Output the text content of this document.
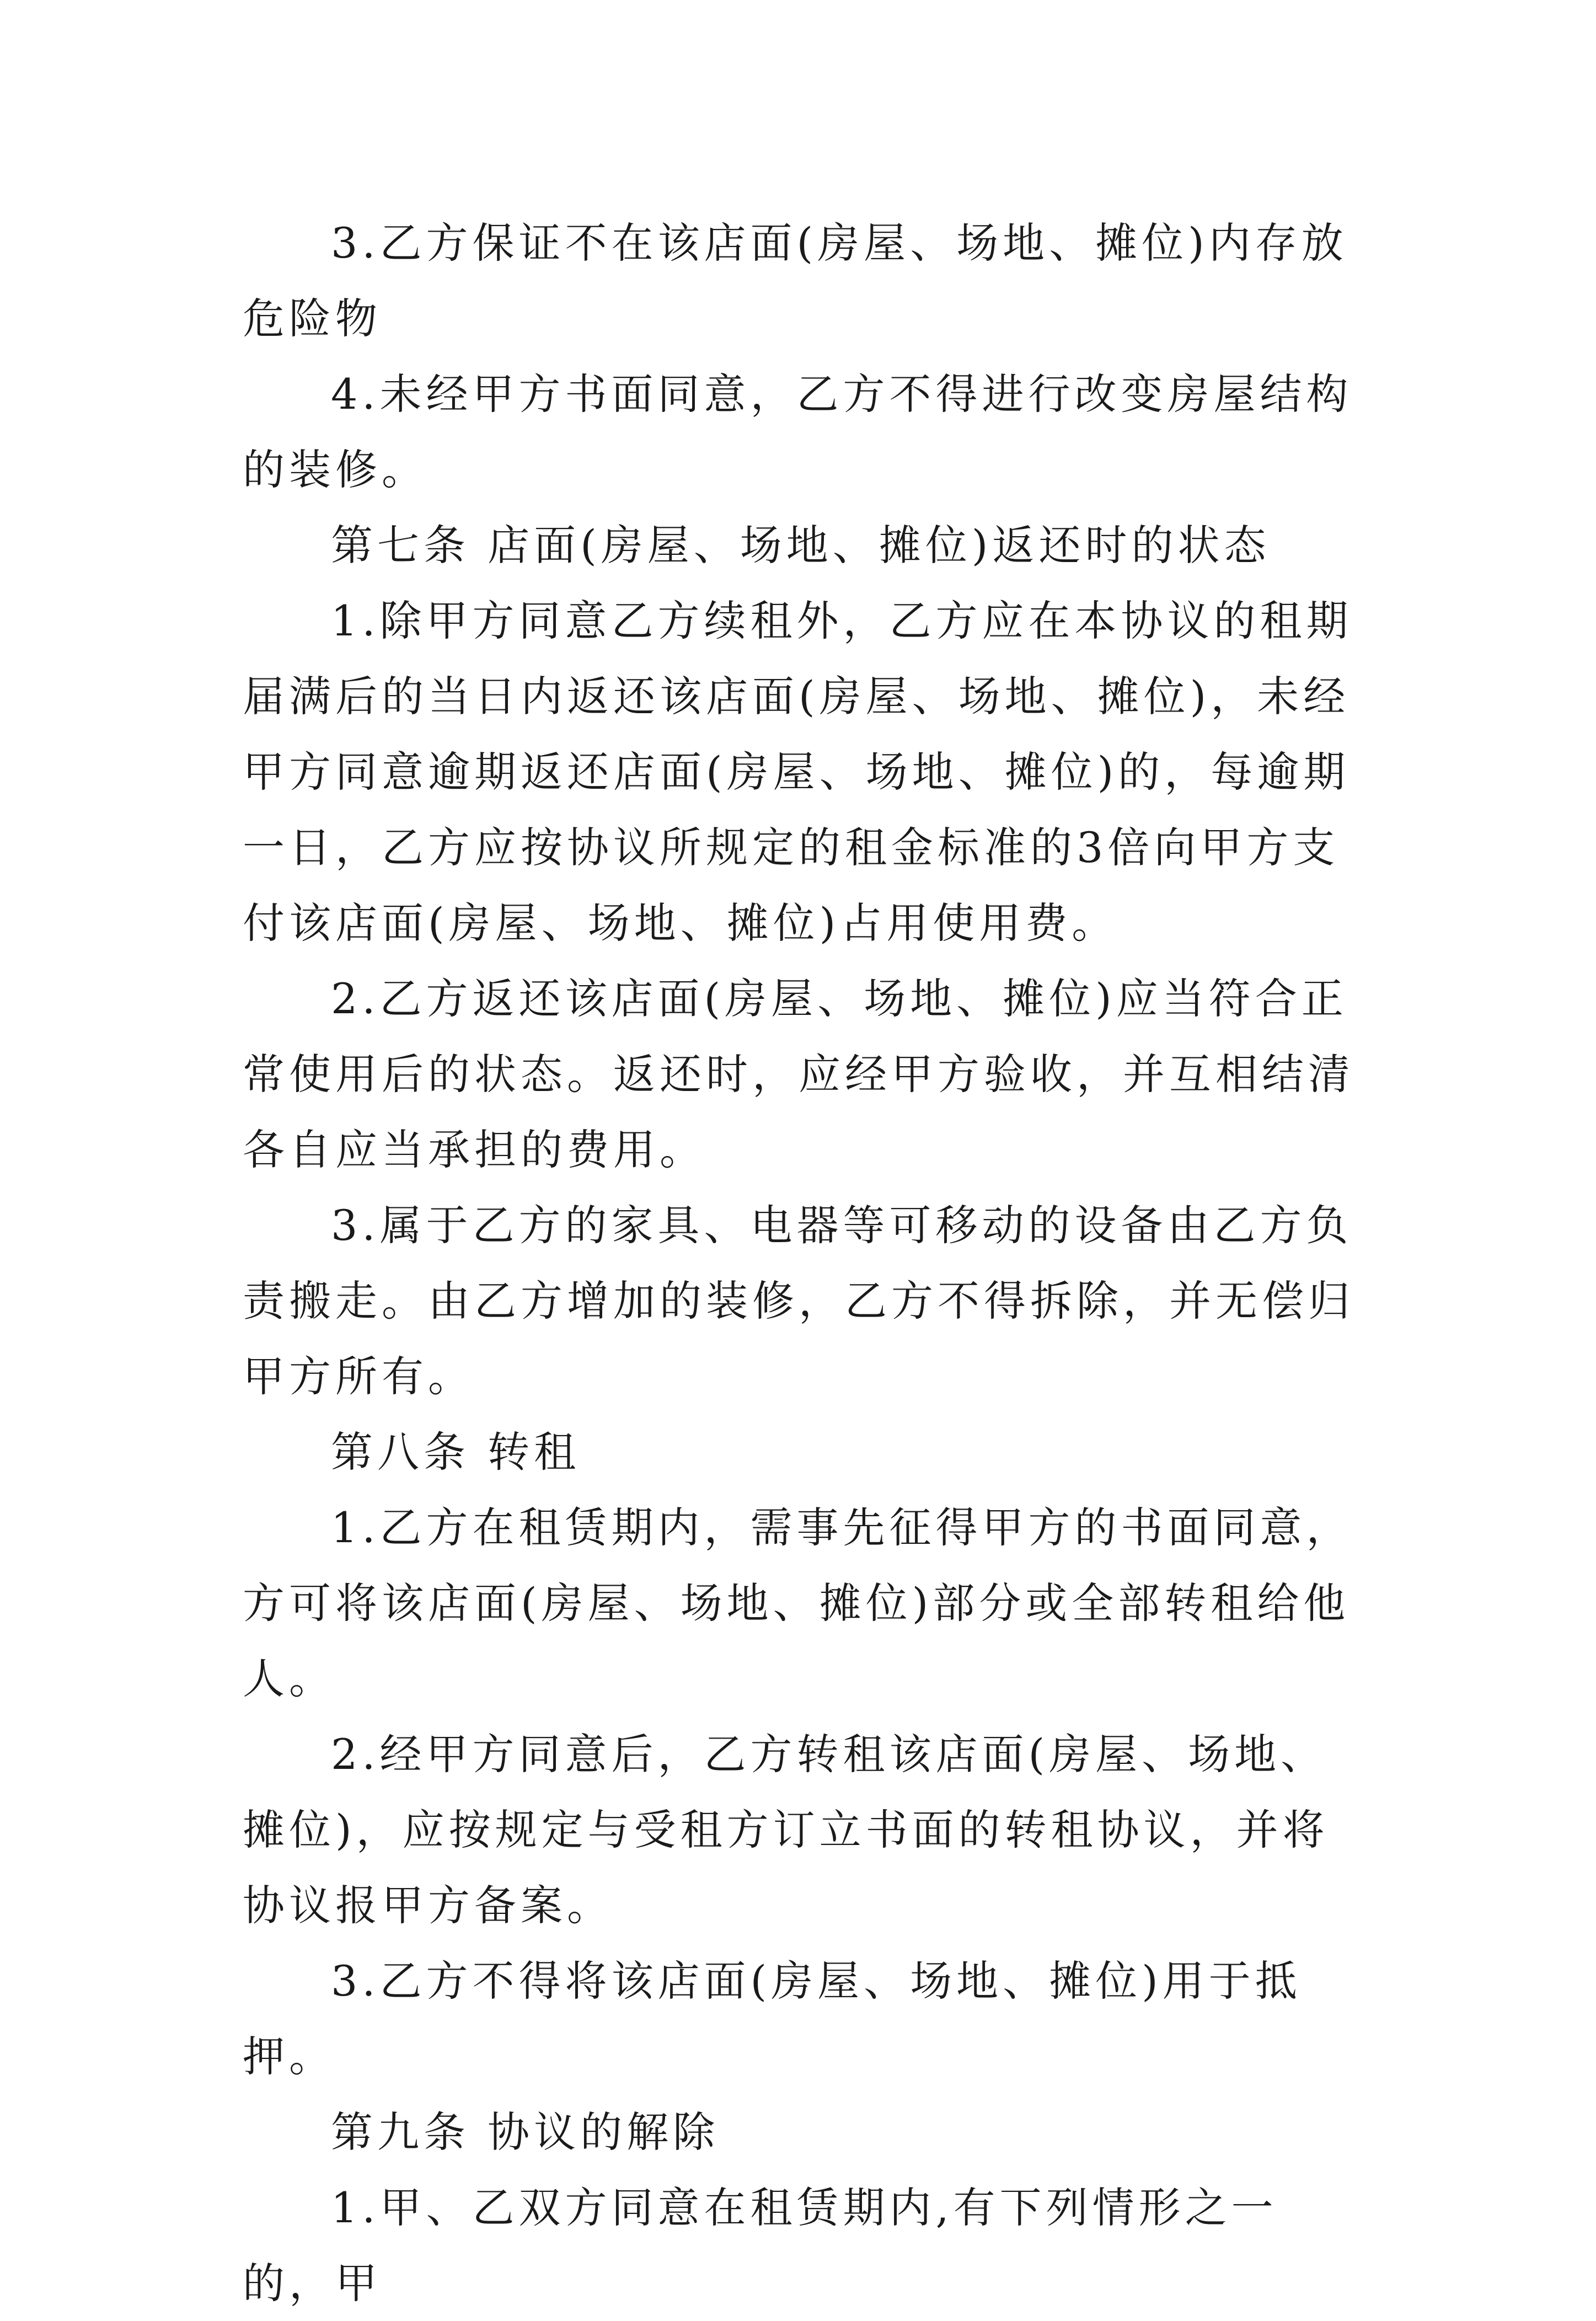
3.乙方保证不在该店面(房屋、场地、摊位)内存放危险物

4.未经甲方书面同意，乙方不得进行改变房屋结构的装修。

第七条 店面(房屋、场地、摊位)返还时的状态

1.除甲方同意乙方续租外，乙方应在本协议的租期届满后的当日内返还该店面(房屋、场地、摊位)，未经甲方同意逾期返还店面(房屋、场地、摊位)的，每逾期一日，乙方应按协议所规定的租金标准的3倍向甲方支付该店面(房屋、场地、摊位)占用使用费。

2.乙方返还该店面(房屋、场地、摊位)应当符合正常使用后的状态。返还时，应经甲方验收，并互相结清各自应当承担的费用。

3.属于乙方的家具、电器等可移动的设备由乙方负责搬走。由乙方增加的装修，乙方不得拆除，并无偿归甲方所有。

第八条 转租

1.乙方在租赁期内，需事先征得甲方的书面同意，方可将该店面(房屋、场地、摊位)部分或全部转租给他人。

2.经甲方同意后，乙方转租该店面(房屋、场地、摊位)，应按规定与受租方订立书面的转租协议，并将协议报甲方备案。

3.乙方不得将该店面(房屋、场地、摊位)用于抵押。

第九条 协议的解除

1.甲、乙双方同意在租赁期内,有下列情形之一的，甲
